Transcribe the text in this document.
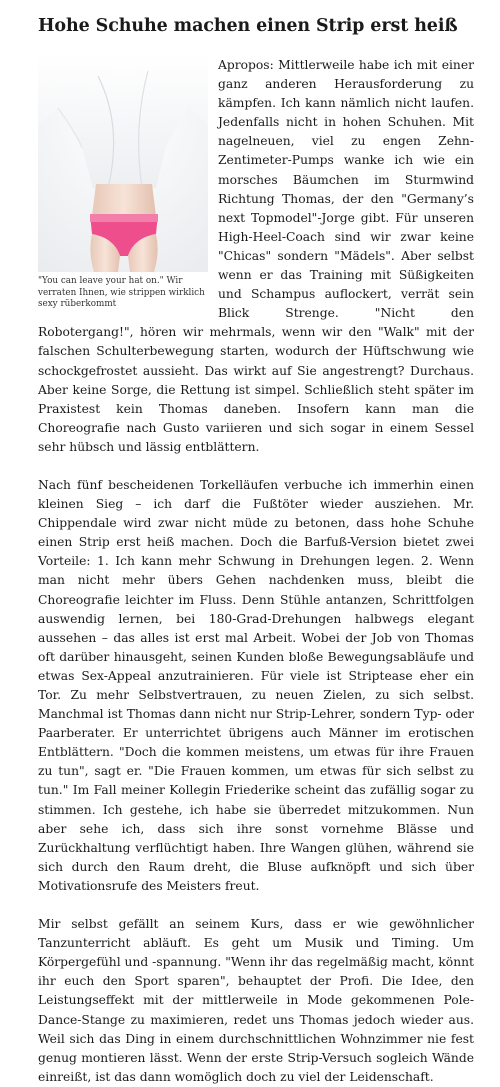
Hohe Schuhe machen einen Strip erst heiß
"You can leave your hat on." Wir verraten Ihnen, wie strippen wirklich sexy rüberkommt

Apropos: Mittlerweile habe ich mit einer ganz anderen Herausforderung zu kämpfen. Ich kann nämlich nicht laufen. Jedenfalls nicht in hohen Schuhen. Mit nagelneuen, viel zu engen Zehn-Zentimeter-Pumps wanke ich wie ein morsches Bäumchen im Sturmwind Richtung Thomas, der den "Germany’s next Topmodel"-Jorge gibt. Für unseren High-Heel-Coach sind wir zwar keine "Chicas" sondern "Mädels". Aber selbst wenn er das Training mit Süßigkeiten und Schampus auflockert, verrät sein Blick Strenge. "Nicht den Robotergang!", hören wir mehrmals, wenn wir den "Walk" mit der falschen Schulterbewegung starten, wodurch der Hüftschwung wie schockgefrostet aussieht. Das wirkt auf Sie angestrengt? Durchaus. Aber keine Sorge, die Rettung ist simpel. Schließlich steht später im Praxistest kein Thomas daneben. Insofern kann man die Choreografie nach Gusto variieren und sich sogar in einem Sessel sehr hübsch und lässig entblättern.

Nach fünf bescheidenen Torkelläufen verbuche ich immerhin einen kleinen Sieg – ich darf die Fußtöter wieder ausziehen. Mr. Chippendale wird zwar nicht müde zu betonen, dass hohe Schuhe einen Strip erst heiß machen. Doch die Barfuß-Version bietet zwei Vorteile: 1. Ich kann mehr Schwung in Drehungen legen. 2. Wenn man nicht mehr übers Gehen nachdenken muss, bleibt die Choreografie leichter im Fluss. Denn Stühle antanzen, Schrittfolgen auswendig lernen, bei 180-Grad-Drehungen halbwegs elegant aussehen – das alles ist erst mal Arbeit. Wobei der Job von Thomas oft darüber hinausgeht, seinen Kunden bloße Bewegungsabläufe und etwas Sex-Appeal anzutrainieren. Für viele ist Striptease eher ein Tor. Zu mehr Selbstvertrauen, zu neuen Zielen, zu sich selbst. Manchmal ist Thomas dann nicht nur Strip-Lehrer, sondern Typ- oder Paarberater. Er unterrichtet übrigens auch Männer im erotischen Entblättern. "Doch die kommen meistens, um etwas für ihre Frauen zu tun", sagt er. "Die Frauen kommen, um etwas für sich selbst zu tun." Im Fall meiner Kollegin Friederike scheint das zufällig sogar zu stimmen. Ich gestehe, ich habe sie überredet mitzukommen. Nun aber sehe ich, dass sich ihre sonst vornehme Blässe und Zurückhaltung verflüchtigt haben. Ihre Wangen glühen, während sie sich durch den Raum dreht, die Bluse aufknöpft und sich über Motivationsrufe des Meisters freut.

Mir selbst gefällt an seinem Kurs, dass er wie gewöhnlicher Tanzunterricht abläuft. Es geht um Musik und Timing. Um Körpergefühl und -spannung. "Wenn ihr das regelmäßig macht, könnt ihr euch den Sport sparen", behauptet der Profi. Die Idee, den Leistungseffekt mit der mittlerweile in Mode gekommenen Pole-Dance-Stange zu maximieren, redet uns Thomas jedoch wieder aus. Weil sich das Ding in einem durchschnittlichen Wohnzimmer nie fest genug montieren lässt. Wenn der erste Strip-Versuch sogleich Wände einreißt, ist das dann womöglich doch zu viel der Leidenschaft.
